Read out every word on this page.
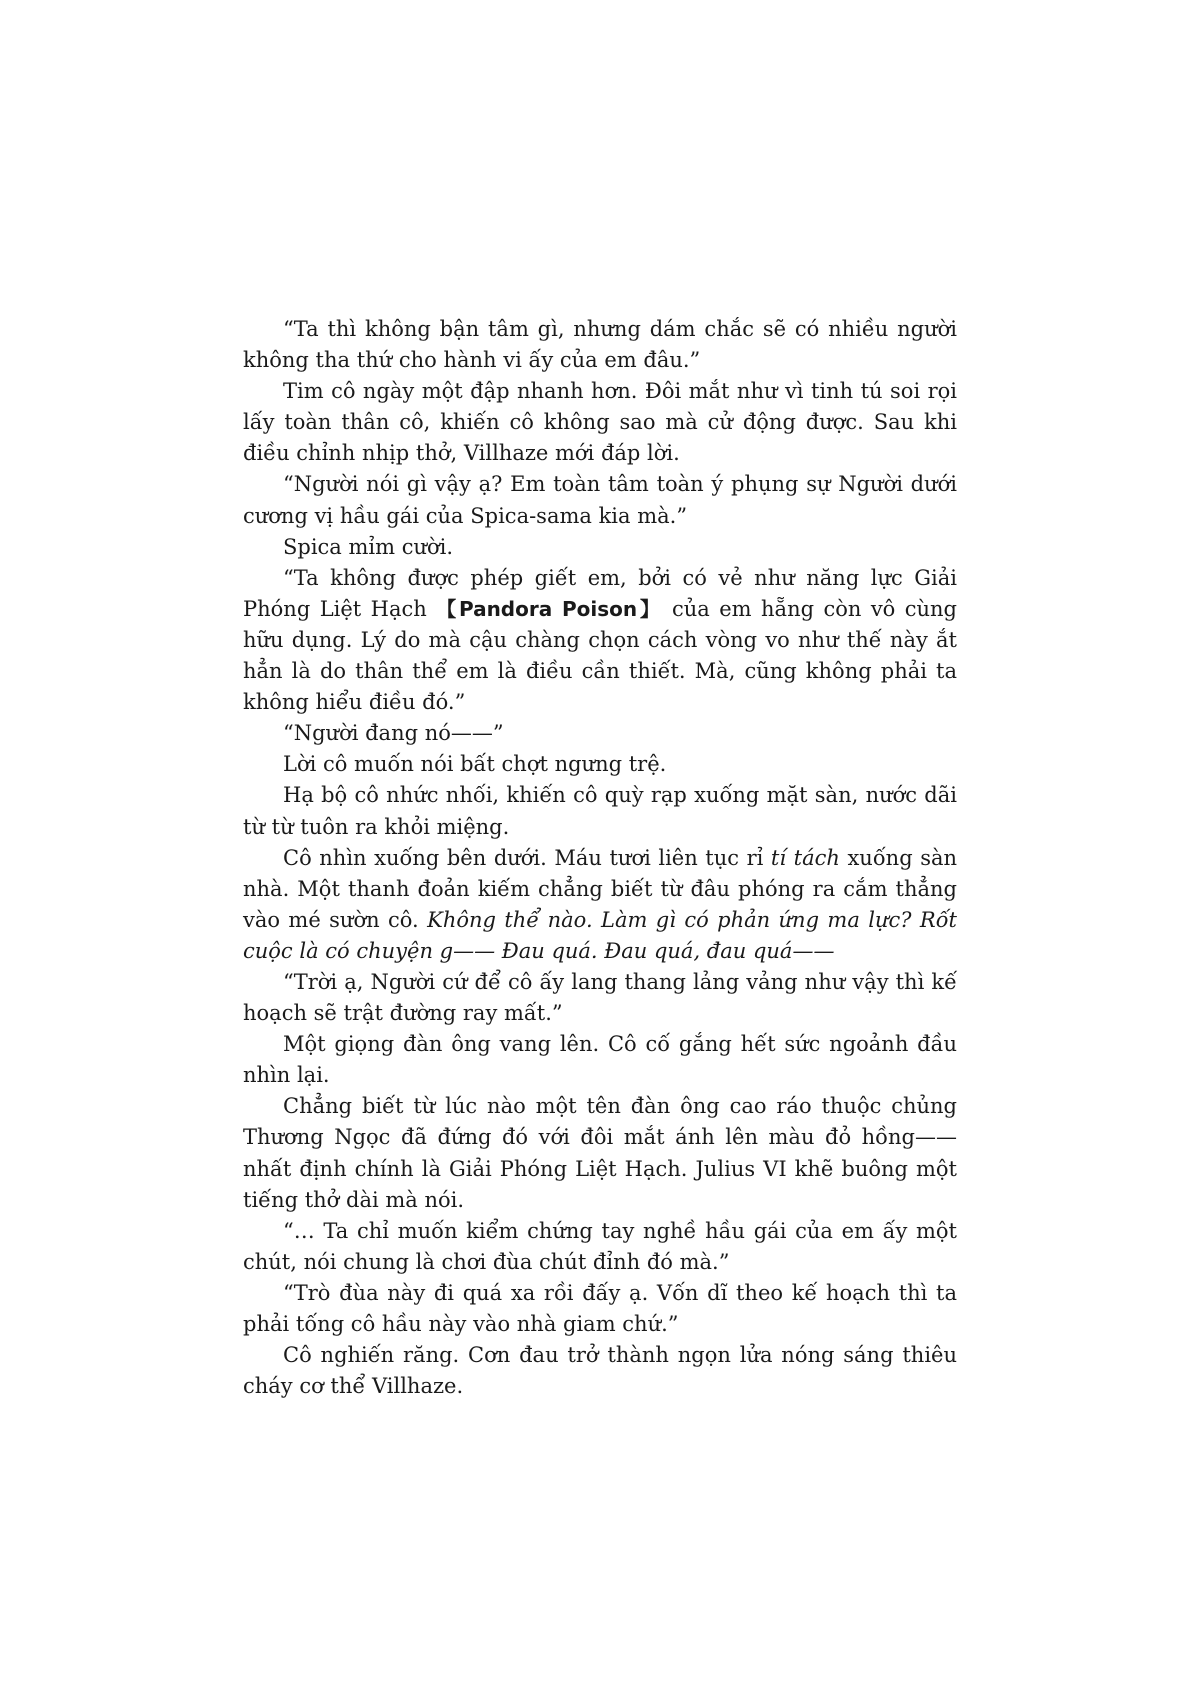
“Ta thì không bận tâm gì, nhưng dám chắc sẽ có nhiều người không tha thứ cho hành vi ấy của em đâu.”

Tim cô ngày một đập nhanh hơn. Đôi mắt như vì tinh tú soi rọi lấy toàn thân cô, khiến cô không sao mà cử động được. Sau khi điều chỉnh nhịp thở, Villhaze mới đáp lời.

“Người nói gì vậy ạ? Em toàn tâm toàn ý phụng sự Người dưới cương vị hầu gái của Spica-sama kia mà.”

Spica mỉm cười.

“Ta không được phép giết em, bởi có vẻ như năng lực Giải Phóng Liệt Hạch 【Pandora Poison】 của em hẵng còn vô cùng hữu dụng. Lý do mà cậu chàng chọn cách vòng vo như thế này ắt hẳn là do thân thể em là điều cần thiết. Mà, cũng không phải ta không hiểu điều đó.”

“Người đang nó——”

Lời cô muốn nói bất chợt ngưng trệ.

Hạ bộ cô nhức nhối, khiến cô quỳ rạp xuống mặt sàn, nước dãi từ từ tuôn ra khỏi miệng.

Cô nhìn xuống bên dưới. Máu tươi liên tục rỉ tí tách xuống sàn nhà. Một thanh đoản kiếm chẳng biết từ đâu phóng ra cắm thẳng vào mé sườn cô. Không thể nào. Làm gì có phản ứng ma lực? Rốt cuộc là có chuyện g—— Đau quá. Đau quá, đau quá——

“Trời ạ, Người cứ để cô ấy lang thang lảng vảng như vậy thì kế hoạch sẽ trật đường ray mất.”

Một giọng đàn ông vang lên. Cô cố gắng hết sức ngoảnh đầu nhìn lại.

Chẳng biết từ lúc nào một tên đàn ông cao ráo thuộc chủng Thương Ngọc đã đứng đó với đôi mắt ánh lên màu đỏ hồng—— nhất định chính là Giải Phóng Liệt Hạch. Julius VI khẽ buông một tiếng thở dài mà nói.

“… Ta chỉ muốn kiểm chứng tay nghề hầu gái của em ấy một chút, nói chung là chơi đùa chút đỉnh đó mà.”

“Trò đùa này đi quá xa rồi đấy ạ. Vốn dĩ theo kế hoạch thì ta phải tống cô hầu này vào nhà giam chứ.”

Cô nghiến răng. Cơn đau trở thành ngọn lửa nóng sáng thiêu cháy cơ thể Villhaze.
